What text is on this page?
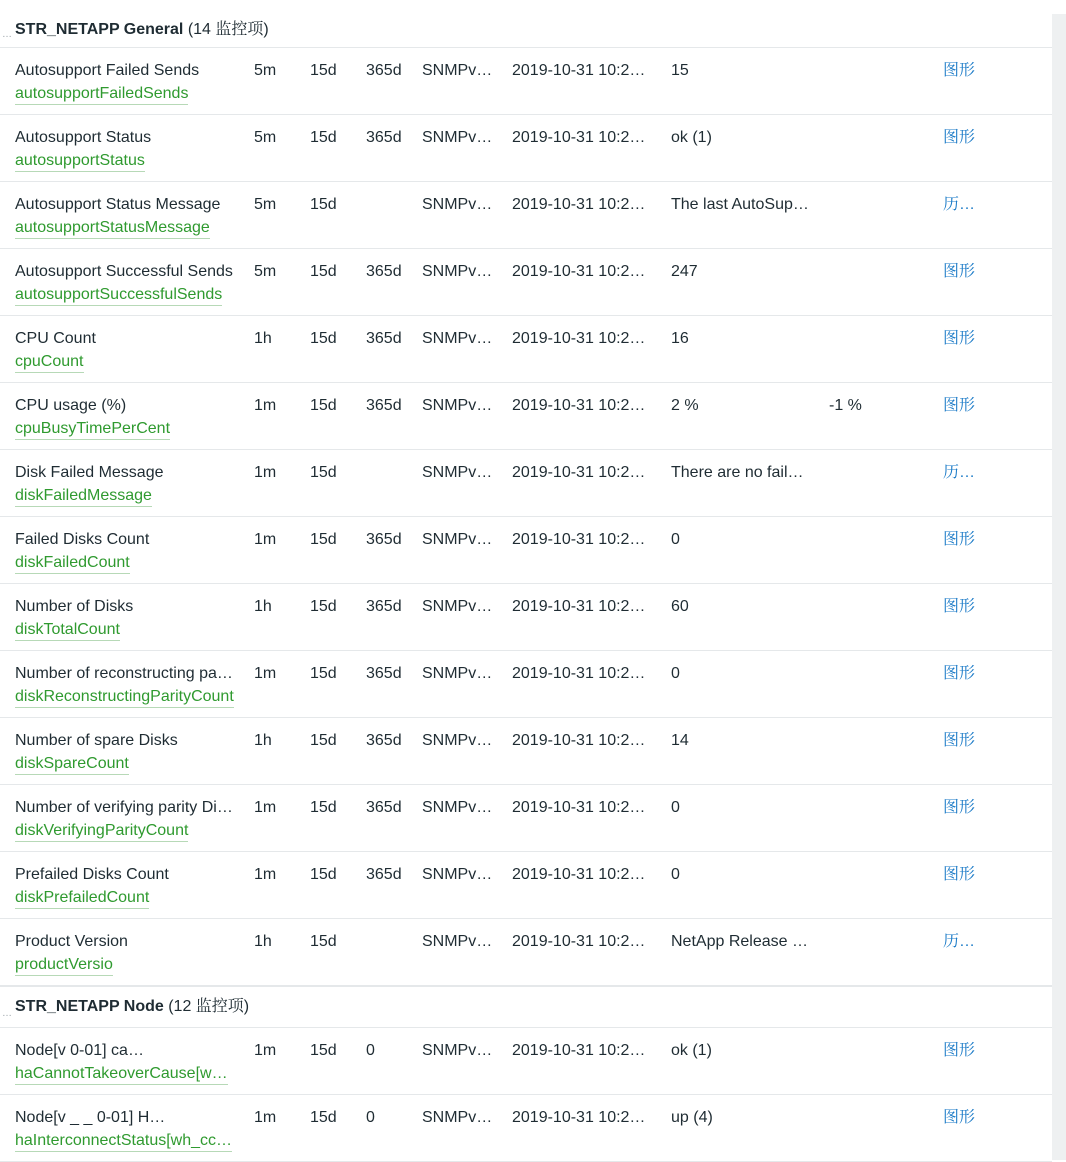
… STR_NETAPP General (14 监控项)
Autosupport Failed Sends
autosupportFailedSends
5m 15d 365d SNMPv… 2019-10-31 10:2… 15	图形
Autosupport Status
autosupportStatus
5m 15d 365d SNMPv… 2019-10-31 10:2… ok (1)	图形
Autosupport Status Message
autosupportStatusMessage
5m 15d	SNMPv… 2019-10-31 10:2… The last AutoSup…	历…
Autosupport Successful Sends
autosupportSuccessfulSends
5m 15d 365d SNMPv… 2019-10-31 10:2… 247	图形
CPU Count
cpuCount
1h 15d 365d SNMPv… 2019-10-31 10:2… 16	图形
CPU usage (%)
cpuBusyTimePerCent
1m 15d 365d SNMPv… 2019-10-31 10:2… 2 %	-1 %	图形
Disk Failed Message
diskFailedMessage
1m 15d	SNMPv… 2019-10-31 10:2… There are no fail…	历…
Failed Disks Count
diskFailedCount
1m 15d 365d SNMPv… 2019-10-31 10:2… 0	图形
Number of Disks
diskTotalCount
1h 15d 365d SNMPv… 2019-10-31 10:2… 60	图形
Number of reconstructing pa…
diskReconstructingParityCount
1m 15d 365d SNMPv… 2019-10-31 10:2… 0	图形
Number of spare Disks
diskSpareCount
1h 15d 365d SNMPv… 2019-10-31 10:2… 14	图形
Number of verifying parity Di…
diskVerifyingParityCount
1m 15d 365d SNMPv… 2019-10-31 10:2… 0	图形
Prefailed Disks Count
diskPrefailedCount
1m 15d 365d SNMPv… 2019-10-31 10:2… 0	图形
Product Version
productVersio
1h 15d	SNMPv… 2019-10-31 10:2… NetApp Release …	历…
… STR_NETAPP Node (12 监控项)
Node[v 0-01] ca…
haCannotTakeoverCause[w…
1m 15d 0	SNMPv… 2019-10-31 10:2… ok (1)	图形
Node[v _ _ 0-01] H…
haInterconnectStatus[wh_cc…
1m 15d 0	SNMPv… 2019-10-31 10:2… up (4)	图形
